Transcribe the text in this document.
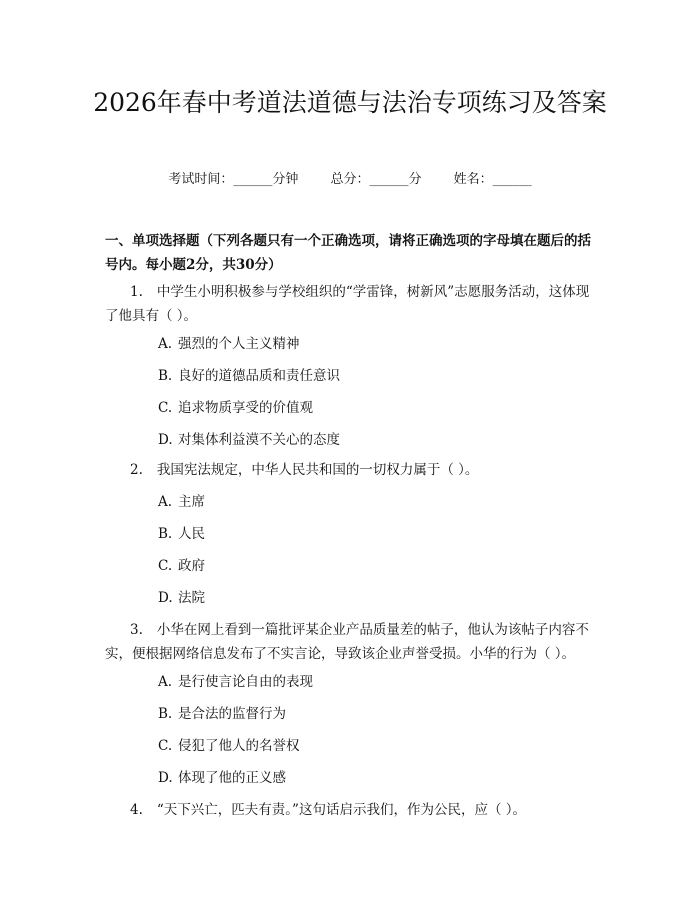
2026年春中考道法道德与法治专项练习及答案
考试时间：______分钟 总分：______分 姓名：______

一、单项选择题（下列各题只有一个正确选项，请将正确选项的字母填在题后的括号内。每小题2分，共30分）

1. 中学生小明积极参与学校组织的“学雷锋，树新风”志愿服务活动，这体现了他具有（ ）。

A. 强烈的个人主义精神
B. 良好的道德品质和责任意识
C. 追求物质享受的价值观
D. 对集体利益漠不关心的态度

2. 我国宪法规定，中华人民共和国的一切权力属于（ ）。

A. 主席
B. 人民
C. 政府
D. 法院

3. 小华在网上看到一篇批评某企业产品质量差的帖子，他认为该帖子内容不实，便根据网络信息发布了不实言论，导致该企业声誉受损。小华的行为（ ）。

A. 是行使言论自由的表现
B. 是合法的监督行为
C. 侵犯了他人的名誉权
D. 体现了他的正义感

4. “天下兴亡，匹夫有责。”这句话启示我们，作为公民，应（ ）。
